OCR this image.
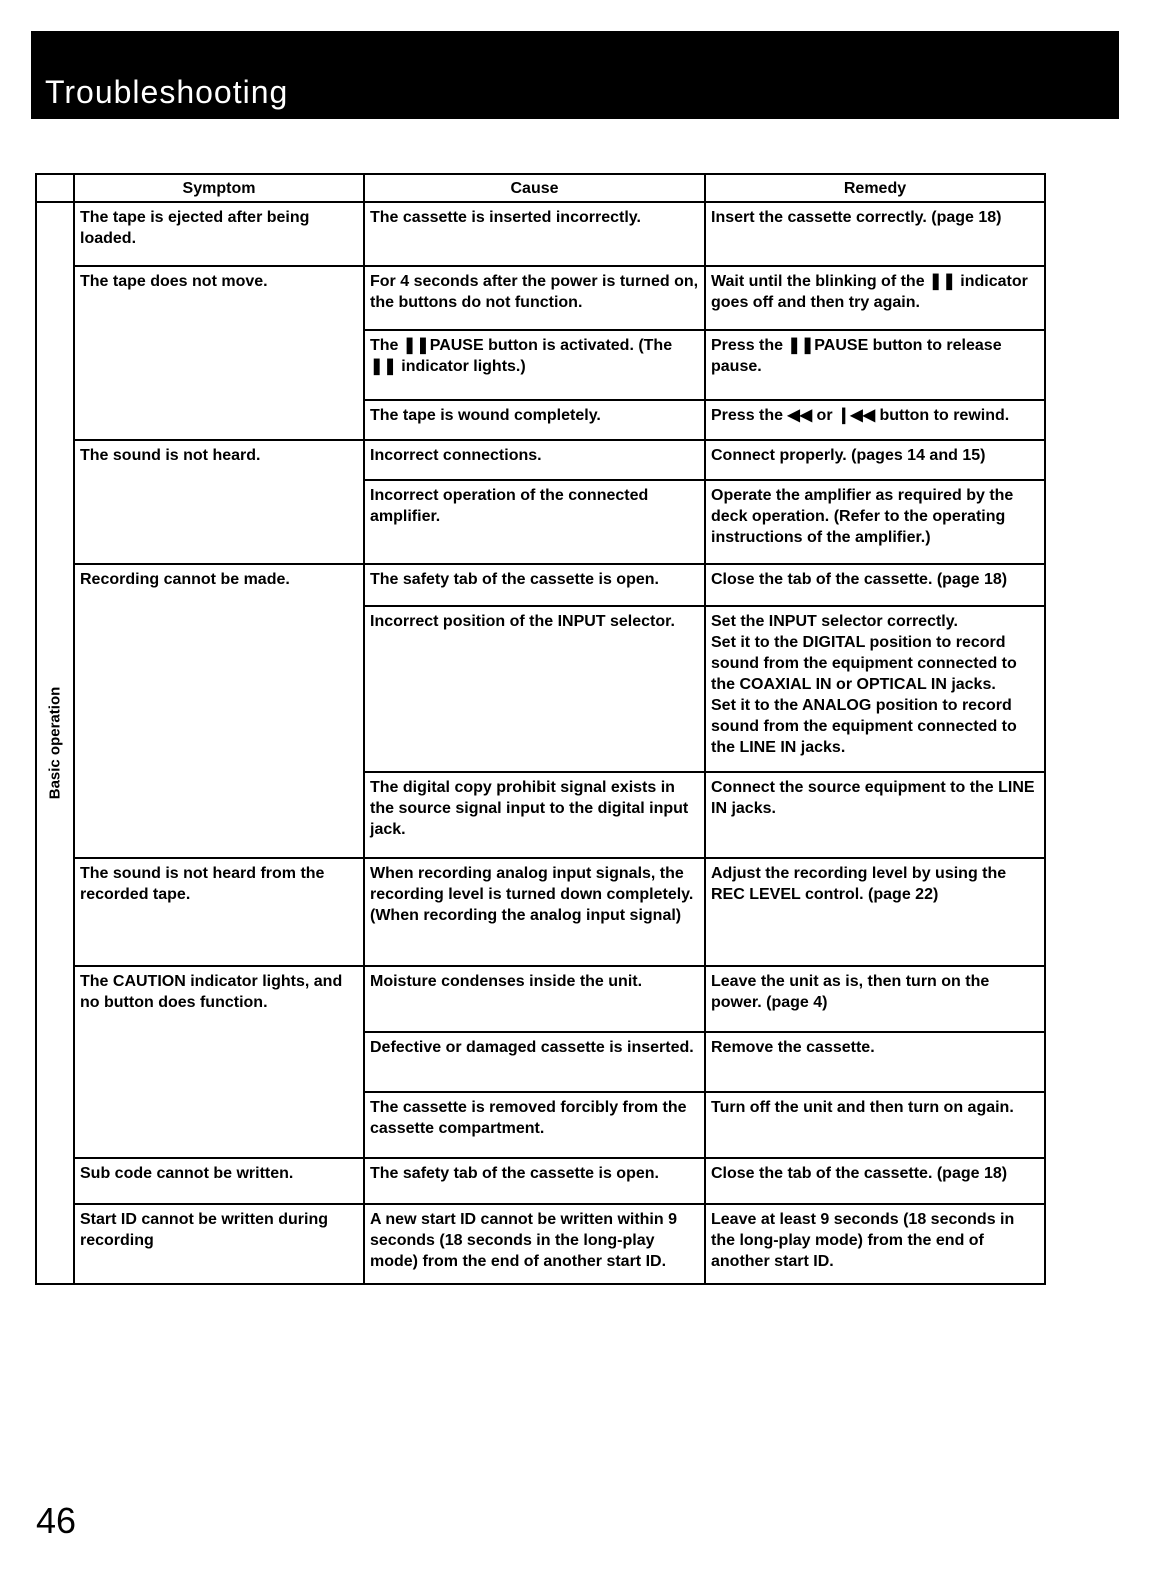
Troubleshooting
	Symptom	Cause	Remedy

Basic operation	The tape is ejected after being loaded.	The cassette is inserted incorrectly.	Insert the cassette correctly. (page 18)
	The tape does not move.	For 4 seconds after the power is turned on, the buttons do not function.	Wait until the blinking of the ❚❚ indicator goes off and then try again.
		The ❚❚PAUSE button is activated. (The ❚❚ indicator lights.)	Press the ❚❚PAUSE button to release pause.
		The tape is wound completely.	Press the ◀◀ or ❙◀◀ button to rewind.
	The sound is not heard.	Incorrect connections.	Connect properly. (pages 14 and 15)
		Incorrect operation of the connected amplifier.	Operate the amplifier as required by the deck operation. (Refer to the operating instructions of the amplifier.)
	Recording cannot be made.	The safety tab of the cassette is open.	Close the tab of the cassette. (page 18)
		Incorrect position of the INPUT selector.	Set the INPUT selector correctly.
Set it to the DIGITAL position to record sound from the equipment connected to the COAXIAL IN or OPTICAL IN jacks.
Set it to the ANALOG position to record sound from the equipment connected to the LINE IN jacks.

		The digital copy prohibit signal exists in the source signal input to the digital input jack.	Connect the source equipment to the LINE IN jacks.
	The sound is not heard from the recorded tape.	When recording analog input signals, the recording level is turned down completely. (When recording the analog input signal)	Adjust the recording level by using the REC LEVEL control. (page 22)
	The CAUTION indicator lights, and no button does function.	Moisture condenses inside the unit.	Leave the unit as is, then turn on the power. (page 4)
		Defective or damaged cassette is inserted.	Remove the cassette.
		The cassette is removed forcibly from the cassette compartment.	Turn off the unit and then turn on again.
	Sub code cannot be written.	The safety tab of the cassette is open.	Close the tab of the cassette. (page 18)
	Start ID cannot be written during recording	A new start ID cannot be written within 9 seconds (18 seconds in the long-play mode) from the end of another start ID.	Leave at least 9 seconds (18 seconds in the long-play mode) from the end of another start ID.
46
